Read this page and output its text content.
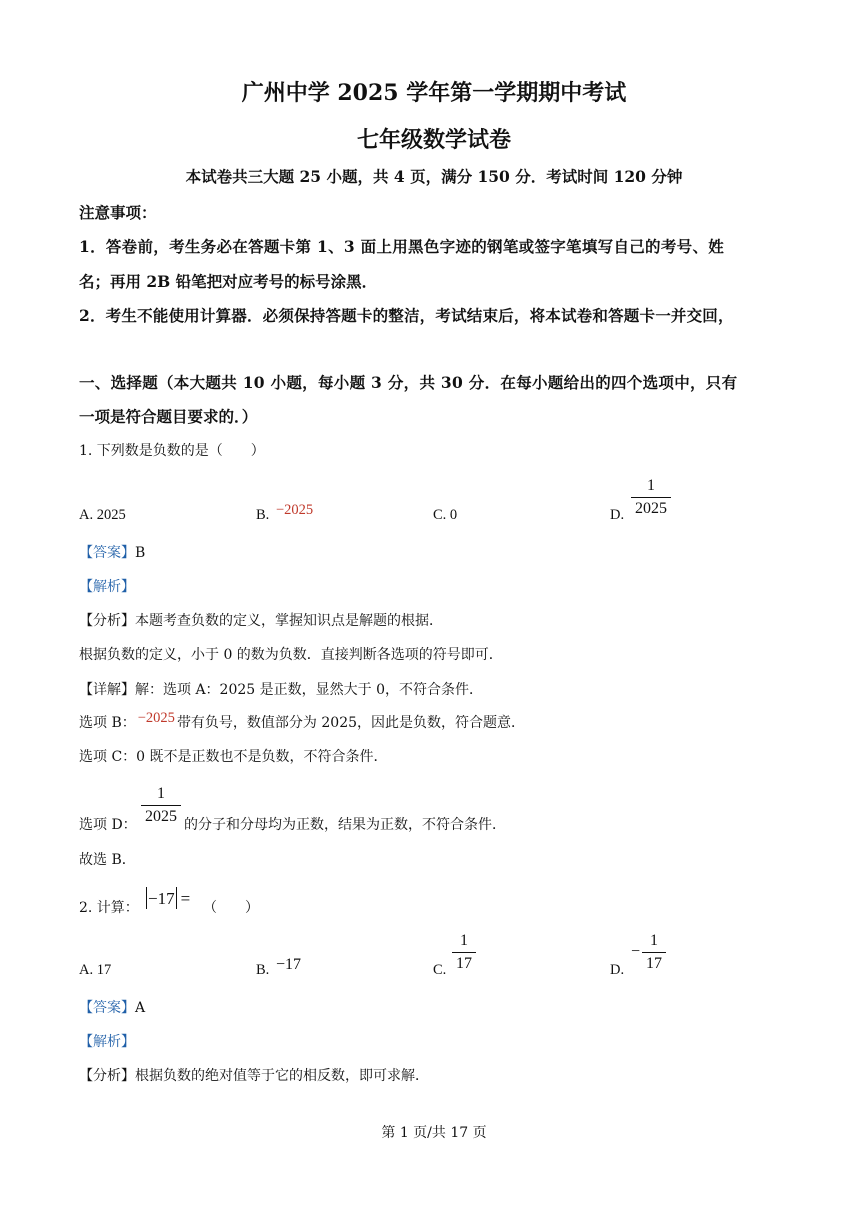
广州中学 2025 学年第一学期期中考试
七年级数学试卷
本试卷共三大题 25 小题，共 4 页，满分 150 分．考试时间 120 分钟
注意事项：
1．答卷前，考生务必在答题卡第 1、3 面上用黑色字迹的钢笔或签字笔填写自己的考号、姓
名；再用 2B 铅笔把对应考号的标号涂黑．
2．考生不能使用计算器．必须保持答题卡的整洁，考试结束后，将本试卷和答题卡一并交回，
一、选择题（本大题共 10 小题，每小题 3 分，共 30 分．在每小题给出的四个选项中，只有
一项是符合题目要求的．）
1. 下列数是负数的是（　　）
A. 2025	B. −2025	C. 0	D.
1
2025
【答案】B
【解析】
【分析】本题考查负数的定义，掌握知识点是解题的根据．
根据负数的定义，小于 0 的数为负数．直接判断各选项的符号即可．
【详解】解：选项 A：2025 是正数，显然大于 0，不符合条件．
选项 B： −2025 带有负号，数值部分为 2025，因此是负数，符合题意．
选项 C：0 既不是正数也不是负数，不符合条件．
选项 D：
1
2025 的分子和分母均为正数，结果为正数，不符合条件．
故选 B．
2. 计算： −17 = （　　）
A. 17	B. −17	C.
1
17	D.
−
1
17
【答案】A
【解析】
【分析】根据负数的绝对值等于它的相反数，即可求解．
第 1 页/共 17 页
